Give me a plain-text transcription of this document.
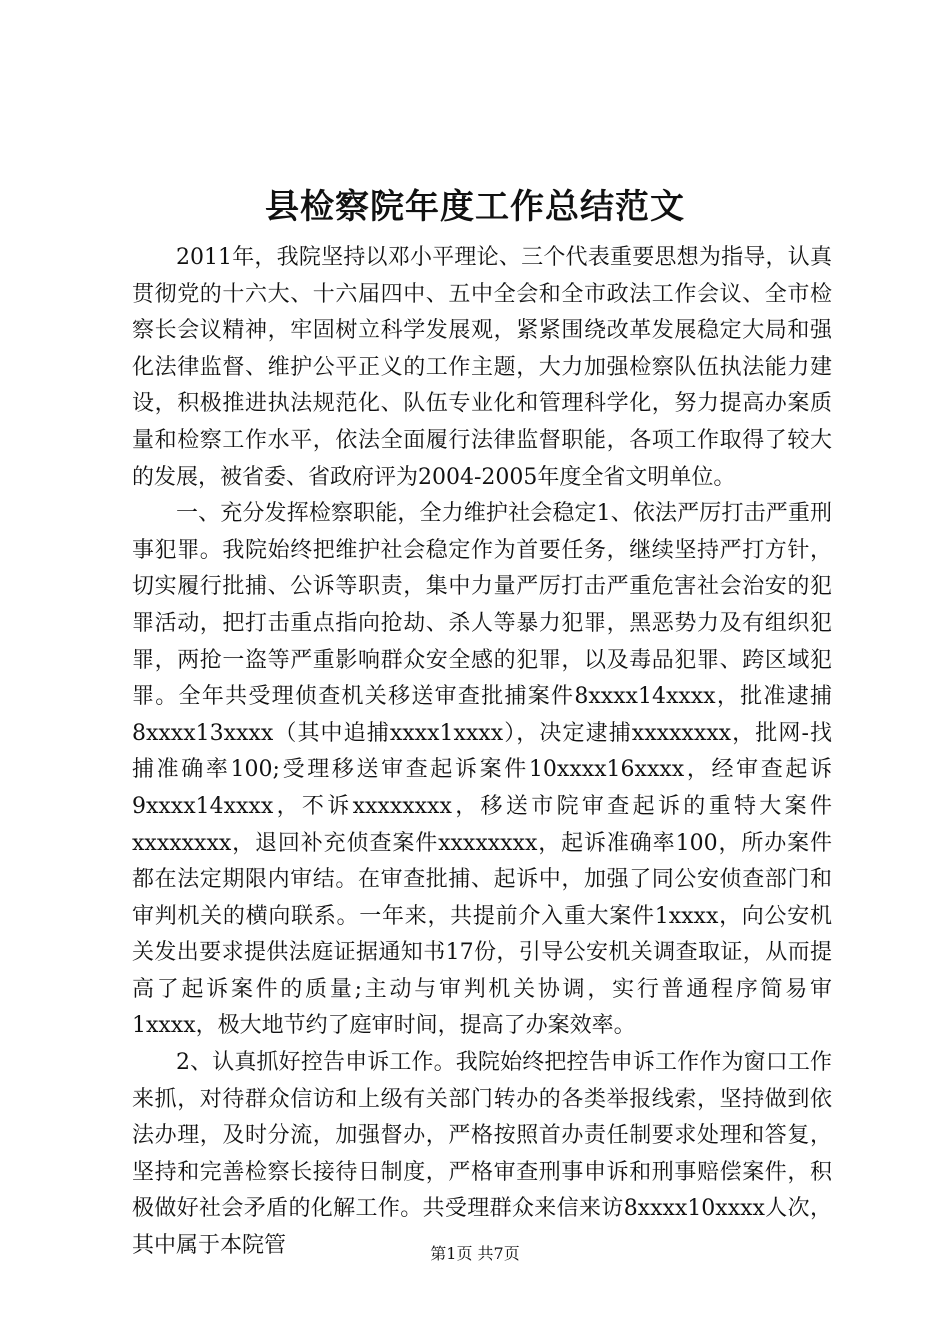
县检察院年度工作总结范文

2011年，我院坚持以邓小平理论、三个代表重要思想为指导，认真贯彻党的十六大、十六届四中、五中全会和全市政法工作会议、全市检察长会议精神，牢固树立科学发展观，紧紧围绕改革发展稳定大局和强化法律监督、维护公平正义的工作主题，大力加强检察队伍执法能力建设，积极推进执法规范化、队伍专业化和管理科学化，努力提高办案质量和检察工作水平，依法全面履行法律监督职能，各项工作取得了较大的发展，被省委、省政府评为2004-2005年度全省文明单位。

一、充分发挥检察职能，全力维护社会稳定1、依法严厉打击严重刑事犯罪。我院始终把维护社会稳定作为首要任务，继续坚持严打方针，切实履行批捕、公诉等职责，集中力量严厉打击严重危害社会治安的犯罪活动，把打击重点指向抢劫、杀人等暴力犯罪，黑恶势力及有组织犯罪，两抢一盗等严重影响群众安全感的犯罪，以及毒品犯罪、跨区域犯罪。全年共受理侦查机关移送审查批捕案件8xxxx14xxxx，批准逮捕8xxxx13xxxx（其中追捕xxxx1xxxx），决定逮捕xxxxxxxx，批网-找捕准确率100;受理移送审查起诉案件10xxxx16xxxx，经审查起诉9xxxx14xxxx，不诉xxxxxxxx，移送市院审查起诉的重特大案件xxxxxxxx，退回补充侦查案件xxxxxxxx，起诉准确率100，所办案件都在法定期限内审结。在审查批捕、起诉中，加强了同公安侦查部门和审判机关的横向联系。一年来，共提前介入重大案件1xxxx，向公安机关发出要求提供法庭证据通知书17份，引导公安机关调查取证，从而提高了起诉案件的质量;主动与审判机关协调，实行普通程序简易审1xxxx，极大地节约了庭审时间，提高了办案效率。

2、认真抓好控告申诉工作。我院始终把控告申诉工作作为窗口工作来抓，对待群众信访和上级有关部门转办的各类举报线索，坚持做到依法办理，及时分流，加强督办，严格按照首办责任制要求处理和答复，坚持和完善检察长接待日制度，严格审查刑事申诉和刑事赔偿案件，积极做好社会矛盾的化解工作。共受理群众来信来访8xxxx10xxxx人次，其中属于本院管	第1页 共7页
